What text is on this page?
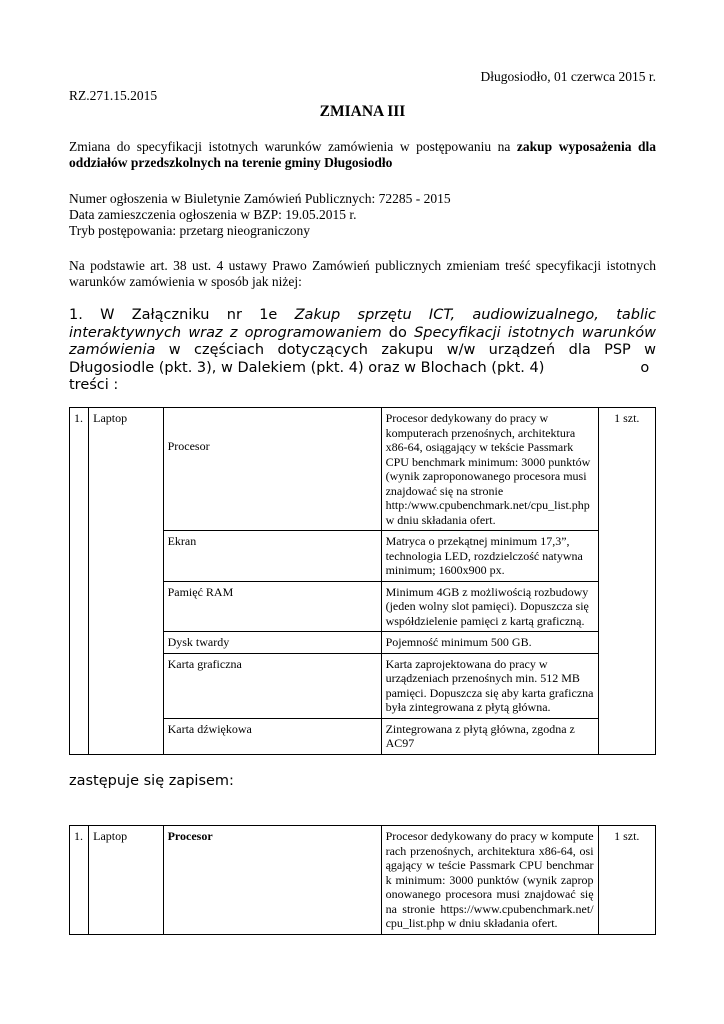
Długosiodło, 01 czerwca 2015 r.
RZ.271.15.2015
ZMIANA III
Zmiana do specyfikacji istotnych warunków zamówienia w postępowaniu na zakup wyposażenia dla oddziałów przedszkolnych na terenie gminy Długosiodło
Numer ogłoszenia w Biuletynie Zamówień Publicznych: 72285 - 2015
Data zamieszczenia ogłoszenia w BZP: 19.05.2015 r.
Tryb postępowania: przetarg nieograniczony
Na podstawie art. 38 ust. 4 ustawy Prawo Zamówień publicznych zmieniam treść specyfikacji istotnych warunków zamówienia w sposób jak niżej:
1. W Załączniku nr 1e Zakup sprzętu ICT, audiowizualnego, tablic interaktywnych wraz z oprogramowaniem do Specyfikacji istotnych warunków zamówienia w częściach dotyczących zakupu w/w urządzeń dla PSP w Długosiodle (pkt. 3), w Dalekiem (pkt. 4) oraz w Blochach (pkt. 4)	o
treści :
1.	Laptop	Procesor	Procesor dedykowany do pracy w komputerach przenośnych, architektura x86-64, osiągający w tekście Passmark CPU benchmark minimum: 3000 punktów (wynik zaproponowanego procesora musi znajdować się na stronie http:/www.cpubenchmark.net/cpu_list.php w dniu składania ofert.	1 szt.
		Ekran	Matryca o przekątnej minimum 17,3”, technologia LED, rozdzielczość natywna minimum; 1600x900 px.	
		Pamięć RAM	Minimum 4GB z możliwością rozbudowy (jeden wolny slot pamięci). Dopuszcza się współdzielenie pamięci z kartą graficzną.	
		Dysk twardy	Pojemność minimum 500 GB.	
		Karta graficzna	Karta zaprojektowana do pracy w urządzeniach przenośnych min. 512 MB pamięci. Dopuszcza się aby karta graficzna była zintegrowana z płytą główna.	
		Karta dźwiękowa	Zintegrowana z płytą główna, zgodna z AC97	
zastępuje się zapisem:
1.	Laptop	Procesor	Procesor dedykowany do pracy w komputerach przenośnych, architektura x86-64, osiągający w teście Passmark CPU benchmark minimum: 3000 punktów (wynik zaproponowanego procesora musi znajdować się na stronie https://www.cpubenchmark.net/cpu_list.php w dniu składania ofert.	1 szt.
